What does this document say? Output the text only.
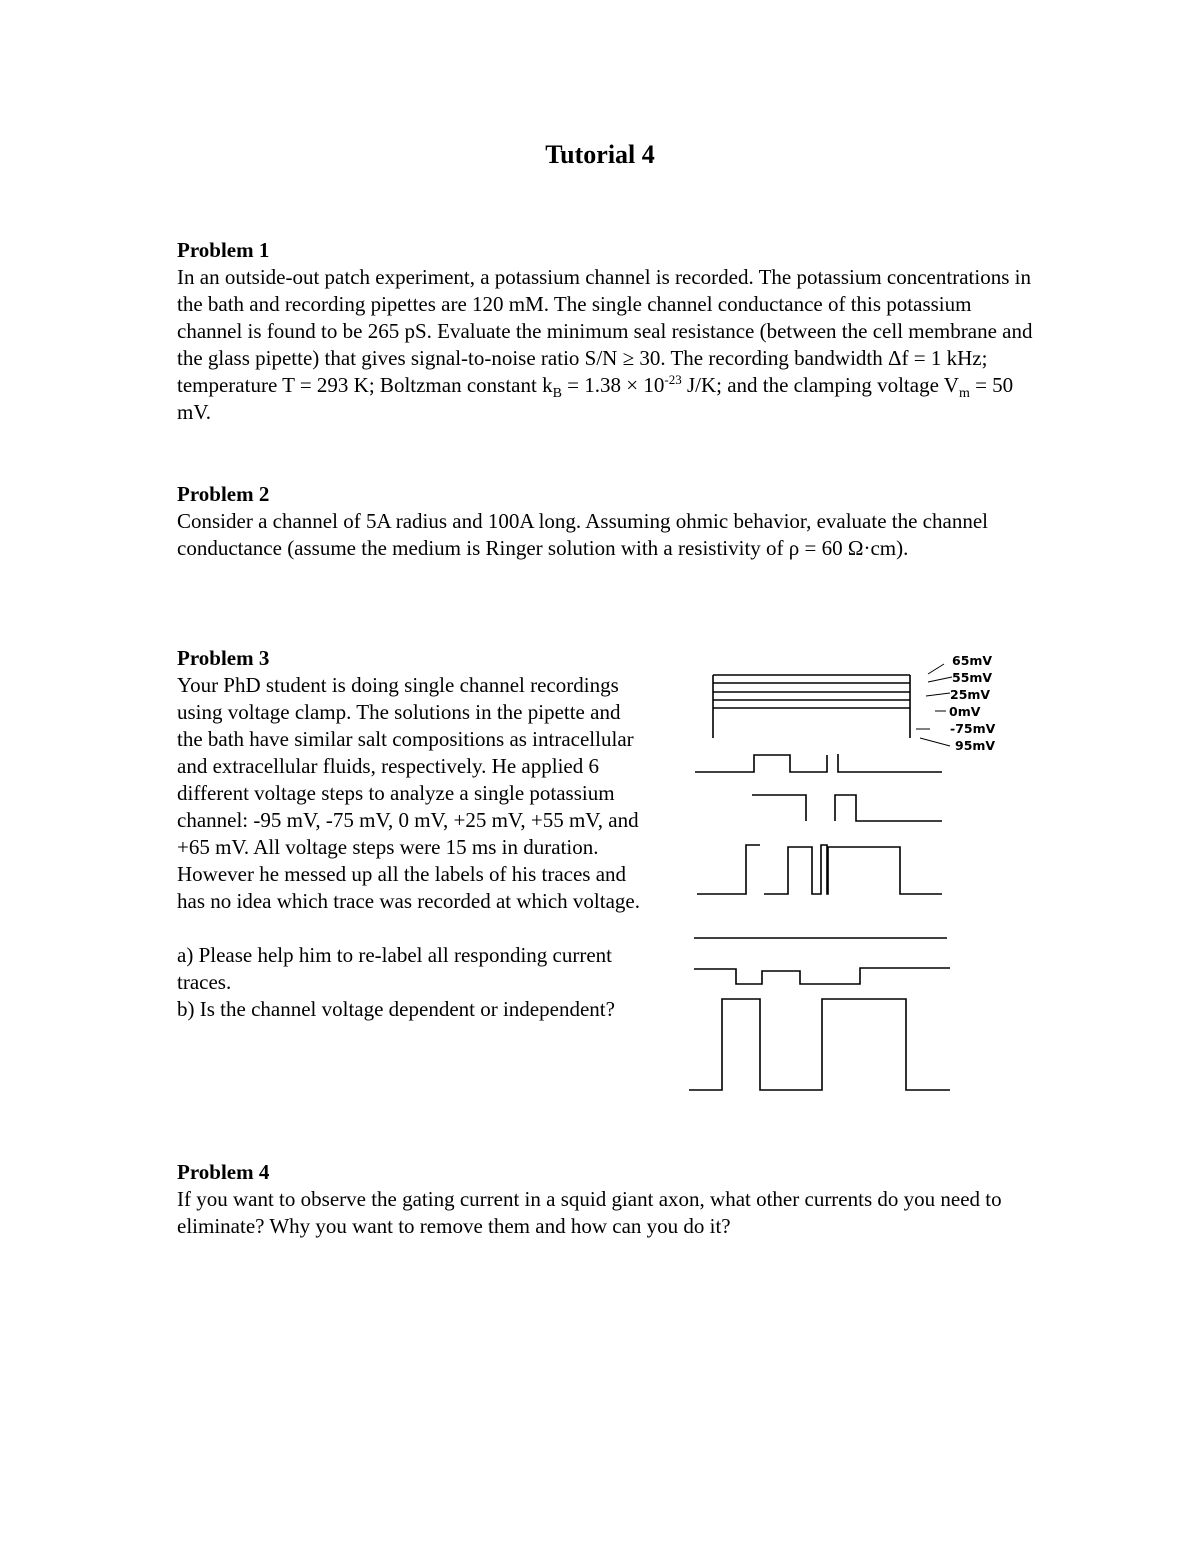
Tutorial 4

Problem 1

In an outside-out patch experiment, a potassium channel is recorded. The potassium concentrations in the bath and recording pipettes are 120 mM. The single channel conductance of this potassium channel is found to be 265 pS. Evaluate the minimum seal resistance (between the cell membrane and the glass pipette) that gives signal-to-noise ratio S/N ≥ 30. The recording bandwidth Δf = 1 kHz; temperature T = 293 K; Boltzman constant $k_B = 1.38 \times 10^{-23}$ J/K; and the clamping voltage $V_m = 50$ mV.

Problem 2

Consider a channel of 5A radius and 100A long. Assuming ohmic behavior, evaluate the channel conductance (assume the medium is Ringer solution with a resistivity of ρ = 60 Ω·cm).

Problem 3

Your PhD student is doing single channel recordings using voltage clamp. The solutions in the pipette and the bath have similar salt compositions as intracellular and extracellular fluids, respectively. He applied 6 different voltage steps to analyze a single potassium channel: -95 mV, -75 mV, 0 mV, +25 mV, +55 mV, and +65 mV. All voltage steps were 15 ms in duration. However he messed up all the labels of his traces and has no idea which trace was recorded at which voltage.

a) Please help him to re-label all responding current traces.

b) Is the channel voltage dependent or independent?

65mV
55mV
25mV
0mV
-75mV
95mV

Problem 4

If you want to observe the gating current in a squid giant axon, what other currents do you need to eliminate? Why you want to remove them and how can you do it?
